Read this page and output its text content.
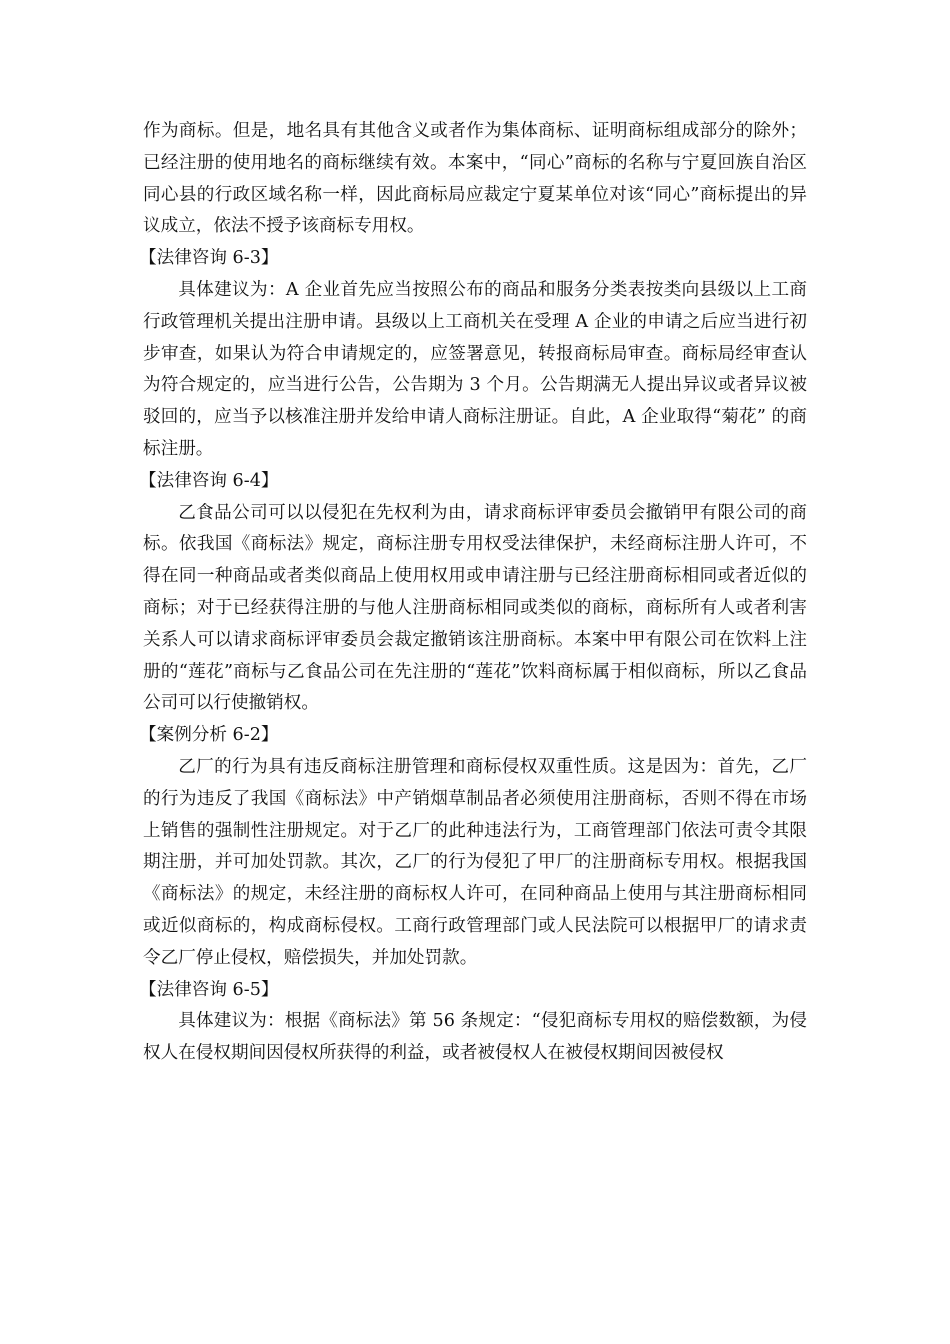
作为商标。但是，地名具有其他含义或者作为集体商标、证明商标组成部分的除外；已经注册的使用地名的商标继续有效。本案中，“同心”商标的名称与宁夏回族自治区同心县的行政区域名称一样，因此商标局应裁定宁夏某单位对该“同心”商标提出的异议成立，依法不授予该商标专用权。

【法律咨询 6-3】

具体建议为：A 企业首先应当按照公布的商品和服务分类表按类向县级以上工商行政管理机关提出注册申请。县级以上工商机关在受理 A 企业的申请之后应当进行初步审查，如果认为符合申请规定的，应签署意见，转报商标局审查。商标局经审查认为符合规定的，应当进行公告，公告期为 3 个月。公告期满无人提出异议或者异议被驳回的，应当予以核准注册并发给申请人商标注册证。自此，A 企业取得“菊花” 的商标注册。

【法律咨询 6-4】

乙食品公司可以以侵犯在先权利为由，请求商标评审委员会撤销甲有限公司的商标。依我国《商标法》规定，商标注册专用权受法律保护，未经商标注册人许可，不得在同一种商品或者类似商品上使用权用或申请注册与已经注册商标相同或者近似的商标；对于已经获得注册的与他人注册商标相同或类似的商标，商标所有人或者利害关系人可以请求商标评审委员会裁定撤销该注册商标。本案中甲有限公司在饮料上注册的“莲花”商标与乙食品公司在先注册的“莲花”饮料商标属于相似商标，所以乙食品公司可以行使撤销权。

【案例分析 6-2】

乙厂的行为具有违反商标注册管理和商标侵权双重性质。这是因为：首先，乙厂的行为违反了我国《商标法》中产销烟草制品者必须使用注册商标，否则不得在市场上销售的强制性注册规定。对于乙厂的此种违法行为，工商管理部门依法可责令其限期注册，并可加处罚款。其次，乙厂的行为侵犯了甲厂的注册商标专用权。根据我国《商标法》的规定，未经注册的商标权人许可，在同种商品上使用与其注册商标相同或近似商标的，构成商标侵权。工商行政管理部门或人民法院可以根据甲厂的请求责令乙厂停止侵权，赔偿损失，并加处罚款。

【法律咨询 6-5】

具体建议为：根据《商标法》第 56 条规定：“侵犯商标专用权的赔偿数额，为侵权人在侵权期间因侵权所获得的利益，或者被侵权人在被侵权期间因被侵权
